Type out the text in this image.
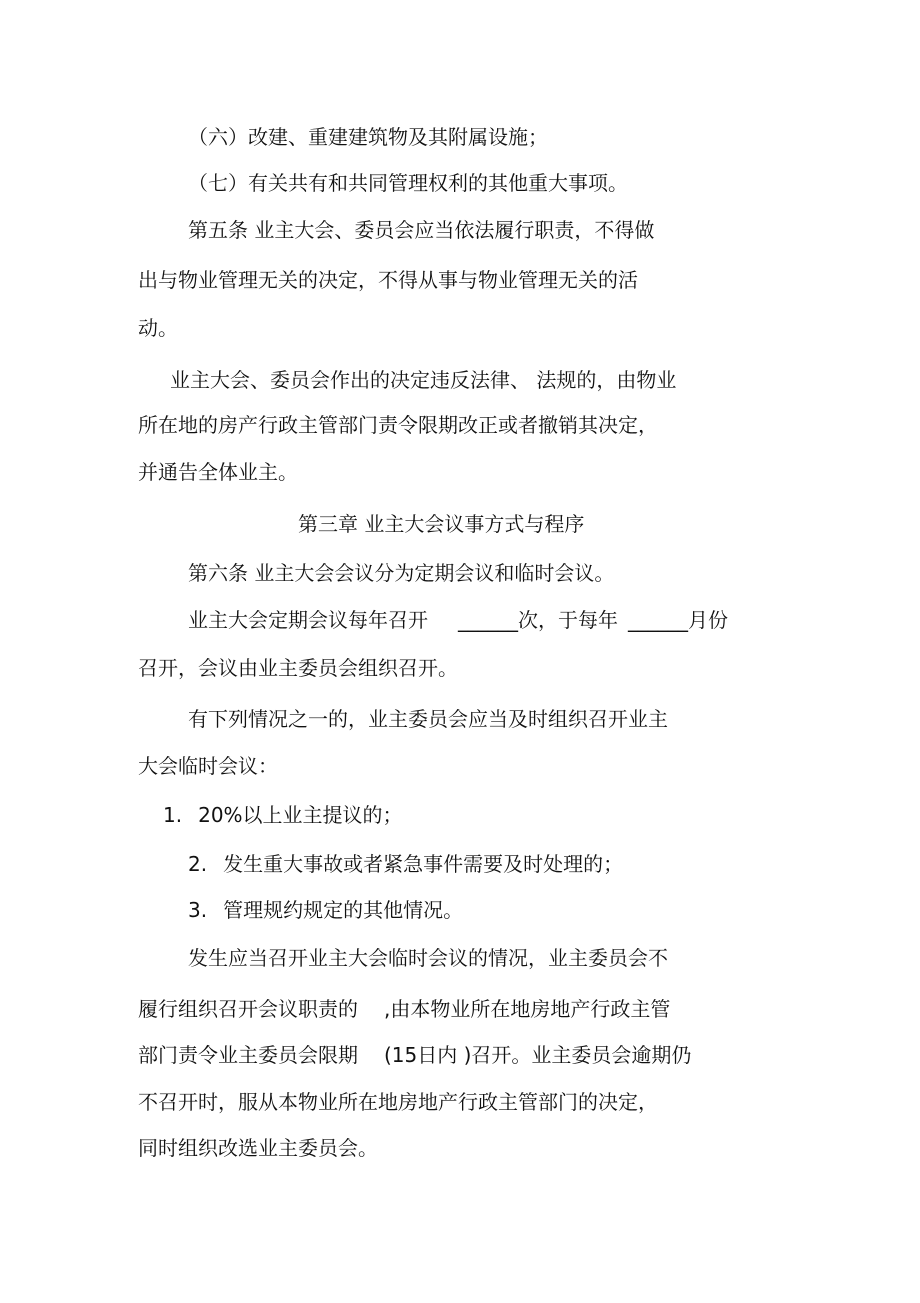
（六）改建、重建建筑物及其附属设施；
（七）有关共有和共同管理权利的其他重大事项。
第五条 业主大会、委员会应当依法履行职责，不得做
出与物业管理无关的决定，不得从事与物业管理无关的活
动。
业主大会、委员会作出的决定违反法律、 法规的，由物业
所在地的房产行政主管部门责令限期改正或者撤销其决定，
并通告全体业主。
第三章 业主大会议事方式与程序
第六条 业主大会会议分为定期会议和临时会议。
业主大会定期会议每年召开 ______次，于每年 ______月份
召开，会议由业主委员会组织召开。
有下列情况之一的，业主委员会应当及时组织召开业主
大会临时会议：
1. 20%以上业主提议的；
2. 发生重大事故或者紧急事件需要及时处理的；
3. 管理规约规定的其他情况。
发生应当召开业主大会临时会议的情况，业主委员会不
履行组织召开会议职责的 ,由本物业所在地房地产行政主管
部门责令业主委员会限期 (15日内 )召开。业主委员会逾期仍
不召开时，服从本物业所在地房地产行政主管部门的决定，
同时组织改选业主委员会。
